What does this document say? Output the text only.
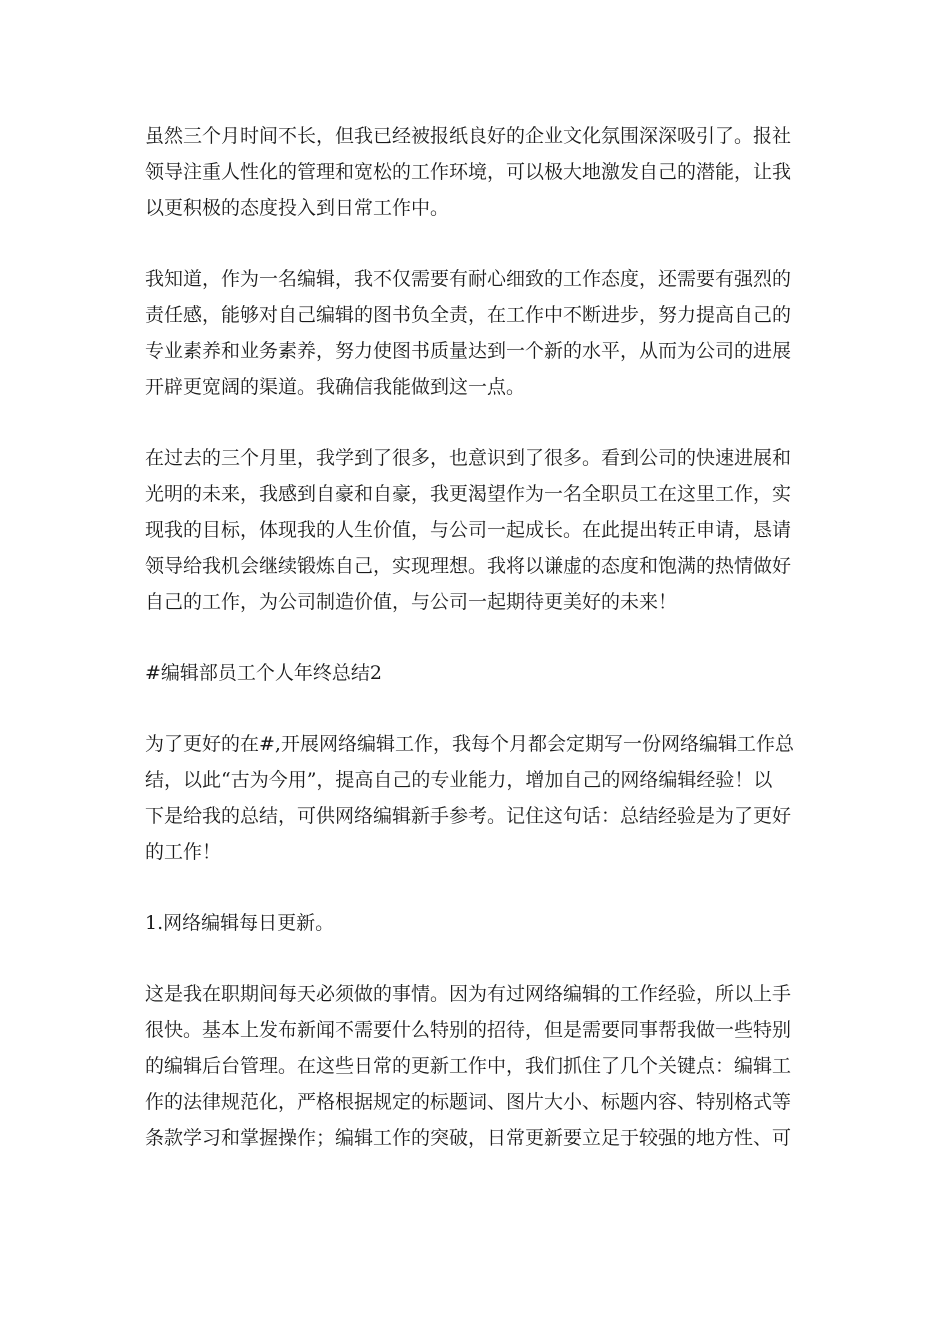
虽然三个月时间不长，但我已经被报纸良好的企业文化氛围深深吸引了。报社
领导注重人性化的管理和宽松的工作环境，可以极大地激发自己的潜能，让我
以更积极的态度投入到日常工作中。
我知道，作为一名编辑，我不仅需要有耐心细致的工作态度，还需要有强烈的
责任感，能够对自己编辑的图书负全责，在工作中不断进步，努力提高自己的
专业素养和业务素养，努力使图书质量达到一个新的水平，从而为公司的进展
开辟更宽阔的渠道。我确信我能做到这一点。
在过去的三个月里，我学到了很多，也意识到了很多。看到公司的快速进展和
光明的未来，我感到自豪和自豪，我更渴望作为一名全职员工在这里工作，实
现我的目标，体现我的人生价值，与公司一起成长。在此提出转正申请，恳请
领导给我机会继续锻炼自己，实现理想。我将以谦虚的态度和饱满的热情做好
自己的工作，为公司制造价值，与公司一起期待更美好的未来！
#编辑部员工个人年终总结2
为了更好的在#,开展网络编辑工作，我每个月都会定期写一份网络编辑工作总
结，以此“古为今用”，提高自己的专业能力，增加自己的网络编辑经验！以
下是给我的总结，可供网络编辑新手参考。记住这句话：总结经验是为了更好
的工作！
1.网络编辑每日更新。
这是我在职期间每天必须做的事情。因为有过网络编辑的工作经验，所以上手
很快。基本上发布新闻不需要什么特别的招待，但是需要同事帮我做一些特别
的编辑后台管理。在这些日常的更新工作中，我们抓住了几个关键点：编辑工
作的法律规范化，严格根据规定的标题词、图片大小、标题内容、特别格式等
条款学习和掌握操作；编辑工作的突破，日常更新要立足于较强的地方性、可
